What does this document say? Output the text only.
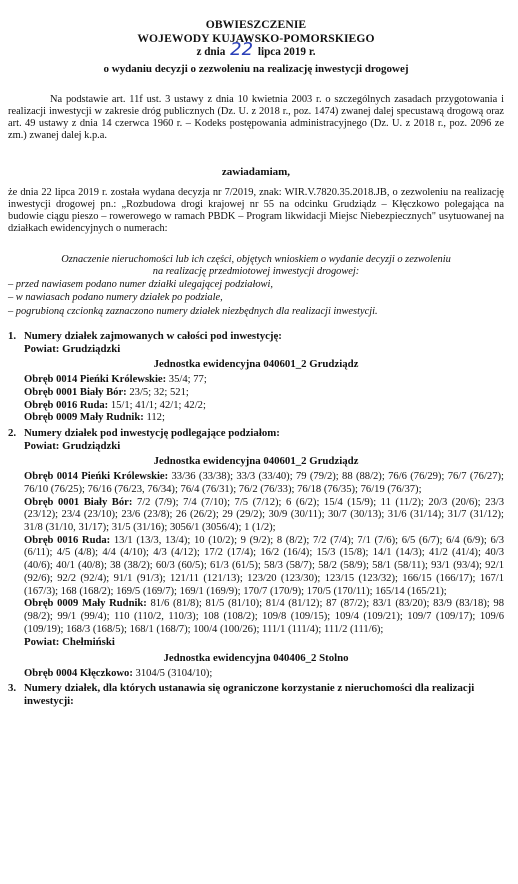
OBWIESZCZENIE
WOJEWODY KUJAWSKO-POMORSKIEGO
z dnia 22 lipca 2019 r.
o wydaniu decyzji o zezwoleniu na realizację inwestycji drogowej

Na podstawie art. 11f ust. 3 ustawy z dnia 10 kwietnia 2003 r. o szczególnych zasadach przygotowania i realizacji inwestycji w zakresie dróg publicznych (Dz. U. z 2018 r., poz. 1474) zwanej dalej specustawą drogową oraz art. 49 ustawy z dnia 14 czerwca 1960 r. – Kodeks postępowania administracyjnego (Dz. U. z 2018 r., poz. 2096 ze zm.) zwanej dalej k.p.a.

zawiadamiam,

że dnia 22 lipca 2019 r. została wydana decyzja nr 7/2019, znak: WIR.V.7820.35.2018.JB, o zezwoleniu na realizację inwestycji drogowej pn.: „Rozbudowa drogi krajowej nr 55 na odcinku Grudziądz – Kłęczkowo polegająca na budowie ciągu pieszo – rowerowego w ramach PBDK – Program likwidacji Miejsc Niebezpiecznych" usytuowanej na działkach ewidencyjnych o numerach:

Oznaczenie nieruchomości lub ich części, objętych wnioskiem o wydanie decyzji o zezwoleniu
na realizację przedmiotowej inwestycji drogowej:
– przed nawiasem podano numer działki ulegającej podziałowi,
– w nawiasach podano numery działek po podziale,
– pogrubioną czcionką zaznaczono numery działek niezbędnych dla realizacji inwestycji.
1. Numery działek zajmowanych w całości pod inwestycję:
Powiat: Grudziądzki
Jednostka ewidencyjna 040601_2 Grudziądz
Obręb 0014 Pieńki Królewskie: 35/4; 77;
Obręb 0001 Biały Bór: 23/5; 32; 521;
Obręb 0016 Ruda: 15/1; 41/1; 42/1; 42/2;
Obręb 0009 Mały Rudnik: 112;
2. Numery działek pod inwestycję podlegające podziałom:
Powiat: Grudziądzki
Jednostka ewidencyjna 040601_2 Grudziądz
Obręb 0014 Pieńki Królewskie: 33/36 (33/38); 33/3 (33/40); 79 (79/2); 88 (88/2); 76/6 (76/29); 76/7 (76/27); 76/10 (76/25); 76/16 (76/23, 76/34); 76/4 (76/31); 76/2 (76/33); 76/18 (76/35); 76/19 (76/37);
Obręb 0001 Biały Bór: 7/2 (7/9); 7/4 (7/10); 7/5 (7/12); 6 (6/2); 15/4 (15/9); 11 (11/2); 20/3 (20/6); 23/3 (23/12); 23/4 (23/10); 23/6 (23/8); 26 (26/2); 29 (29/2); 30/9 (30/11); 30/7 (30/13); 31/6 (31/14); 31/7 (31/12); 31/8 (31/10, 31/17); 31/5 (31/16); 3056/1 (3056/4); 1 (1/2);
Obręb 0016 Ruda: 13/1 (13/3, 13/4); 10 (10/2); 9 (9/2); 8 (8/2); 7/2 (7/4); 7/1 (7/6); 6/5 (6/7); 6/4 (6/9); 6/3 (6/11); 4/5 (4/8); 4/4 (4/10); 4/3 (4/12); 17/2 (17/4); 16/2 (16/4); 15/3 (15/8); 14/1 (14/3); 41/2 (41/4); 40/3 (40/6); 40/1 (40/8); 38 (38/2); 60/3 (60/5); 61/3 (61/5); 58/3 (58/7); 58/2 (58/9); 58/1 (58/11); 93/1 (93/4); 92/1 (92/6); 92/2 (92/4); 91/1 (91/3); 121/11 (121/13); 123/20 (123/30); 123/15 (123/32); 166/15 (166/17); 167/1 (167/3); 168 (168/2); 169/5 (169/7); 169/1 (169/9); 170/7 (170/9); 170/5 (170/11); 165/14 (165/21);
Obręb 0009 Mały Rudnik: 81/6 (81/8); 81/5 (81/10); 81/4 (81/12); 87 (87/2); 83/1 (83/20); 83/9 (83/18); 98 (98/2); 99/1 (99/4); 110 (110/2, 110/3); 108 (108/2); 109/8 (109/15); 109/4 (109/21); 109/7 (109/17); 109/6 (109/19); 168/3 (168/5); 168/1 (168/7); 100/4 (100/26); 111/1 (111/4); 111/2 (111/6);
Powiat: Chełmiński
Jednostka ewidencyjna 040406_2 Stolno
Obręb 0004 Kłęczkowo: 3104/5 (3104/10);
3. Numery działek, dla których ustanawia się ograniczone korzystanie z nieruchomości dla realizacji inwestycji:
